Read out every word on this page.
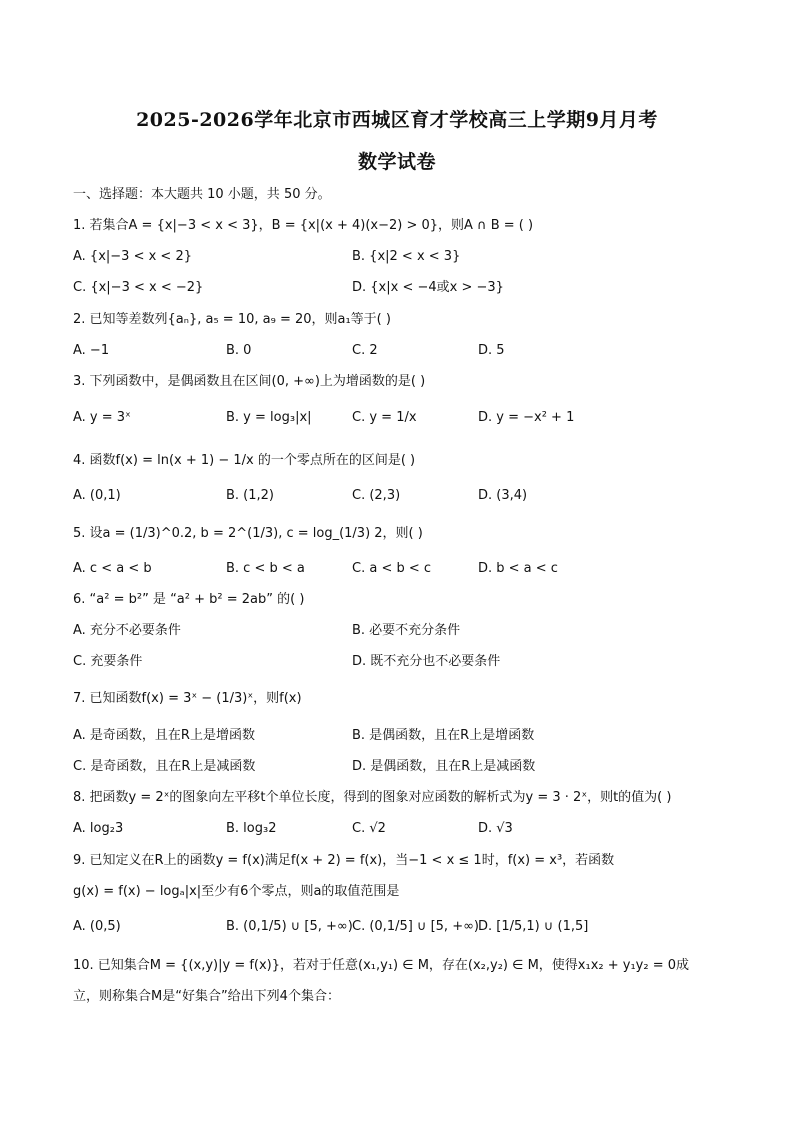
2025-2026学年北京市西城区育才学校高三上学期9月月考
数学试卷
一、选择题：本大题共 10 小题，共 50 分。
1. 若集合A = {x|−3 < x < 3}，B = {x|(x + 4)(x−2) > 0}，则A ∩ B = ( )
A. {x|−3 < x < 2}	B. {x|2 < x < 3}
C. {x|−3 < x < −2}	D. {x|x < −4或x > −3}
2. 已知等差数列{aₙ}, a₅ = 10, a₉ = 20，则a₁等于( )
A. −1	B. 0	C. 2	D. 5
3. 下列函数中，是偶函数且在区间(0, +∞)上为增函数的是( )
A. y = 3ˣ	B. y = log₃|x|	C. y = 1/x	D. y = −x² + 1
4. 函数f(x) = ln(x + 1) − 1/x 的一个零点所在的区间是( )
A. (0,1)	B. (1,2)	C. (2,3)	D. (3,4)
5. 设a = (1/3)^0.2, b = 2^(1/3), c = log_(1/3) 2，则( )
A. c < a < b	B. c < b < a	C. a < b < c	D. b < a < c
6. “a² = b²” 是 “a² + b² = 2ab” 的( )
A. 充分不必要条件	B. 必要不充分条件
C. 充要条件	D. 既不充分也不必要条件
7. 已知函数f(x) = 3ˣ − (1/3)ˣ，则f(x)
A. 是奇函数，且在R上是增函数	B. 是偶函数，且在R上是增函数
C. 是奇函数，且在R上是减函数	D. 是偶函数，且在R上是减函数
8. 把函数y = 2ˣ的图象向左平移t个单位长度，得到的图象对应函数的解析式为y = 3 · 2ˣ，则t的值为( )
A. log₂3	B. log₃2	C. √2	D. √3
9. 已知定义在R上的函数y = f(x)满足f(x + 2) = f(x)，当−1 < x ≤ 1时，f(x) = x³，若函数
g(x) = f(x) − logₐ|x|至少有6个零点，则a的取值范围是
A. (0,5)	B. (0,1/5) ∪ [5, +∞) C. (0,1/5] ∪ [5, +∞) D. [1/5,1) ∪ (1,5]
10. 已知集合M = {(x,y)|y = f(x)}，若对于任意(x₁,y₁) ∈ M，存在(x₂,y₂) ∈ M，使得x₁x₂ + y₁y₂ = 0成
立，则称集合M是“好集合”给出下列4个集合：
